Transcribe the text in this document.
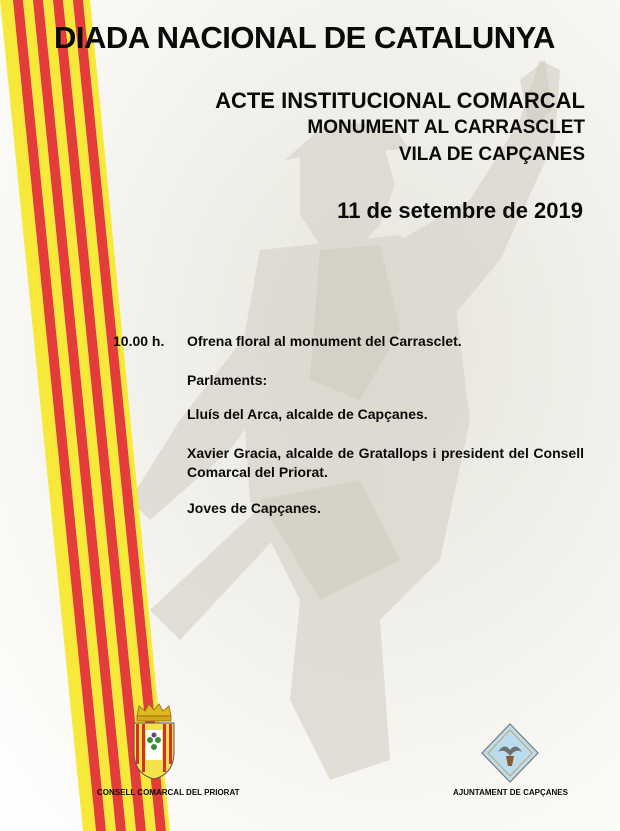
DIADA NACIONAL DE CATALUNYA
ACTE INSTITUCIONAL COMARCAL
MONUMENT AL CARRASCLET
VILA DE CAPÇANES
11 de setembre de 2019
10.00 h. Ofrena floral al monument del Carrasclet.
Parlaments:
Lluís del Arca, alcalde de Capçanes.
Xavier Gracia, alcalde de Gratallops i president del Consell Comarcal del Priorat.
Joves de Capçanes.
CONSELL COMARCAL DEL PRIORAT	AJUNTAMENT DE CAPÇANES
